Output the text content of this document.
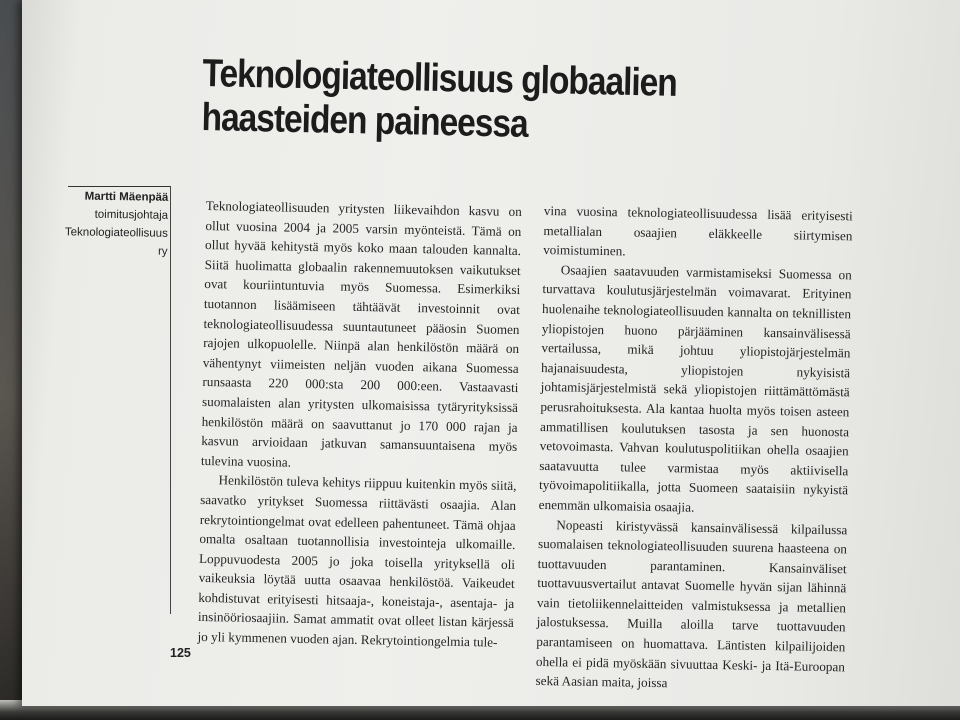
Teknologiateollisuus globaalien
haasteiden paineessa
Martti Mäenpää
toimitusjohtaja
Teknologiateollisuus ry

Teknologiateollisuuden yritysten liikevaihdon kasvu on ollut vuosina 2004 ja 2005 varsin myönteistä. Tämä on ollut hyvää kehitystä myös koko maan talouden kannalta. Siitä huolimatta globaalin rakennemuutoksen vaikutukset ovat kouriintuntuvia myös Suomessa. Esimerkiksi tuotannon lisäämiseen tähtäävät investoinnit ovat teknologiateollisuudessa suuntautuneet pääosin Suomen rajojen ulkopuolelle. Niinpä alan henkilöstön määrä on vähentynyt viimeisten neljän vuoden aikana Suomessa runsaasta 220 000:sta 200 000:een. Vastaavasti suomalaisten alan yritysten ulkomaisissa tytäryrityksissä henkilöstön määrä on saavuttanut jo 170 000 rajan ja kasvun arvioidaan jatkuvan samansuuntaisena myös tulevina vuosina.

Henkilöstön tuleva kehitys riippuu kuitenkin myös siitä, saavatko yritykset Suomessa riittävästi osaajia. Alan rekrytointiongelmat ovat edelleen pahentuneet. Tämä ohjaa omalta osaltaan tuotannollisia investointeja ulkomaille. Loppuvuodesta 2005 jo joka toisella yrityksellä oli vaikeuksia löytää uutta osaavaa henkilöstöä. Vaikeudet kohdistuvat erityisesti hitsaaja-, koneistaja-, asentaja- ja insinööriosaajiin. Samat ammatit ovat olleet listan kärjessä jo yli kymmenen vuoden ajan. Rekrytointiongelmia tule-

vina vuosina teknologiateollisuudessa lisää erityisesti metallialan osaajien eläkkeelle siirtymisen voimistuminen.

Osaajien saatavuuden varmistamiseksi Suomessa on turvattava koulutusjärjestelmän voimavarat. Erityinen huolenaihe teknologiateollisuuden kannalta on teknillisten yliopistojen huono pärjääminen kansainvälisessä vertailussa, mikä johtuu yliopistojärjestelmän hajanaisuudesta, yliopistojen nykyisistä johtamisjärjestelmistä sekä yliopistojen riittämättömästä perusrahoituksesta. Ala kantaa huolta myös toisen asteen ammatillisen koulutuksen tasosta ja sen huonosta vetovoimasta. Vahvan koulutuspolitiikan ohella osaajien saatavuutta tulee varmistaa myös aktiivisella työvoimapolitiikalla, jotta Suomeen saataisiin nykyistä enemmän ulkomaisia osaajia.

Nopeasti kiristyvässä kansainvälisessä kilpailussa suomalaisen teknologiateollisuuden suurena haasteena on tuottavuuden parantaminen. Kansainväliset tuottavuusvertailut antavat Suomelle hyvän sijan lähinnä vain tietoliikennelaitteiden valmistuksessa ja metallien jalostuksessa. Muilla aloilla tarve tuottavuuden parantamiseen on huomattava. Läntisten kilpailijoiden ohella ei pidä myöskään sivuuttaa Keski- ja Itä-Euroopan sekä Aasian maita, joissa

125
